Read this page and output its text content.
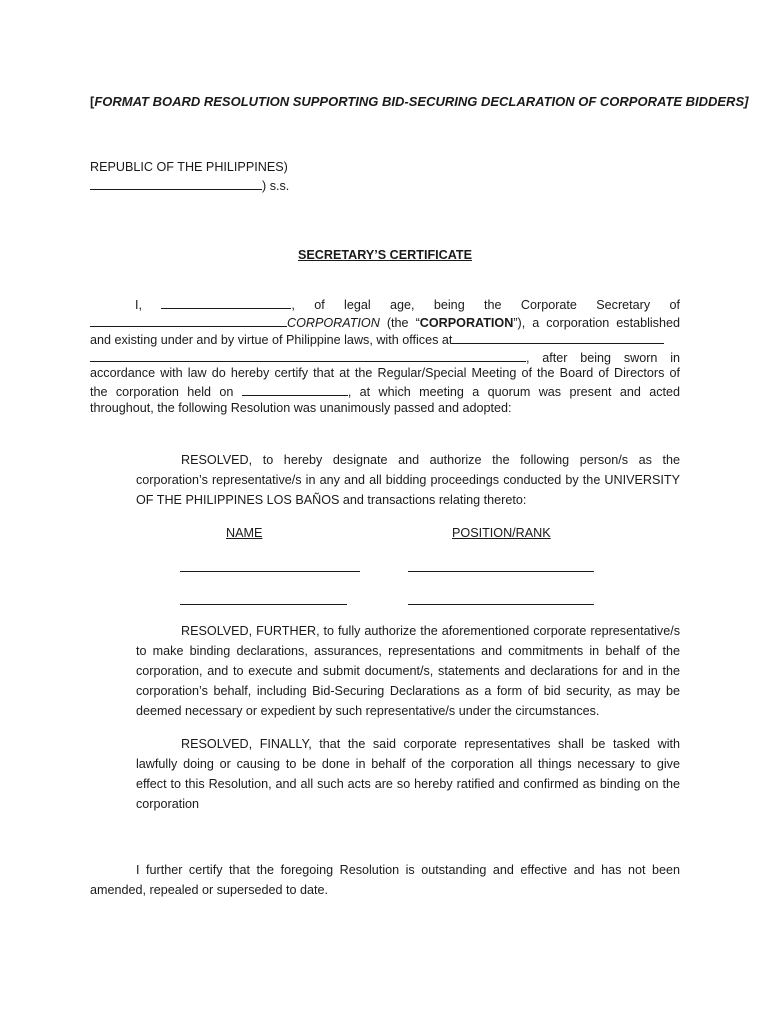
[FORMAT BOARD RESOLUTION SUPPORTING BID-SECURING DECLARATION OF CORPORATE BIDDERS]
REPUBLIC OF THE PHILIPPINES)
) s.s.
SECRETARY’S CERTIFICATE
I,	, of legal age, being the Corporate Secretary of
CORPORATION (the “CORPORATION”), a corporation established
and existing under and by virtue of Philippine laws, with offices at
, after being sworn in
accordance with law do hereby certify that at the Regular/Special Meeting of the Board of Directors of
the corporation held on	, at which meeting a quorum was present and acted
throughout, the following Resolution was unanimously passed and adopted:
RESOLVED, to hereby designate and authorize the following person/s as the
corporation’s representative/s in any and all bidding proceedings conducted by the UNIVERSITY
OF THE PHILIPPINES LOS BAÑOS and transactions relating thereto:
NAME	POSITION/RANK
RESOLVED, FURTHER, to fully authorize the aforementioned corporate representative/s
to make binding declarations, assurances, representations and commitments in behalf of the
corporation, and to execute and submit document/s, statements and declarations for and in the
corporation’s behalf, including Bid-Securing Declarations as a form of bid security, as may be
deemed necessary or expedient by such representative/s under the circumstances.
RESOLVED, FINALLY, that the said corporate representatives shall be tasked with
lawfully doing or causing to be done in behalf of the corporation all things necessary to give
effect to this Resolution, and all such acts are so hereby ratified and confirmed as binding on the
corporation
I further certify that the foregoing Resolution is outstanding and effective and has not been
amended, repealed or superseded to date.
